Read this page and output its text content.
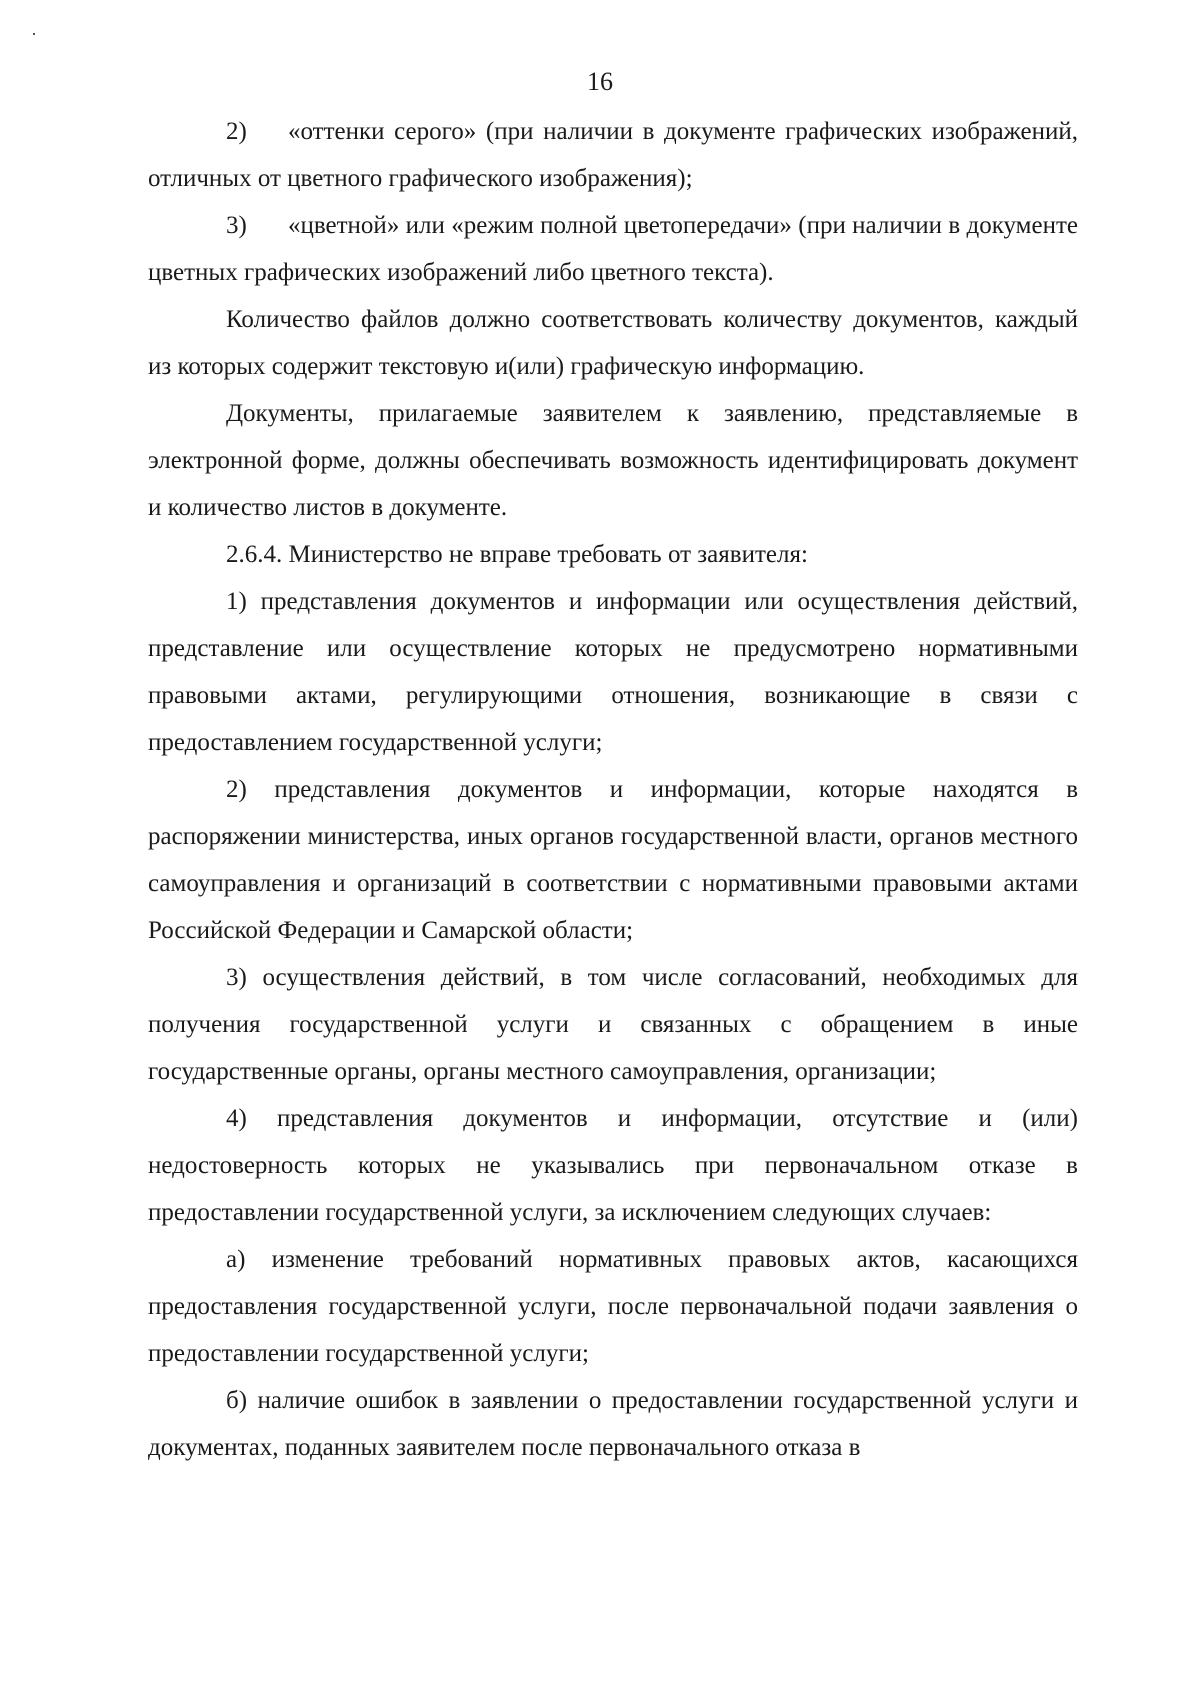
16

2) «оттенки серого» (при наличии в документе графических изображений, отличных от цветного графического изображения);

3) «цветной» или «режим полной цветопередачи» (при наличии в документе цветных графических изображений либо цветного текста).

Количество файлов должно соответствовать количеству документов, каждый из которых содержит текстовую и(или) графическую информацию.

Документы, прилагаемые заявителем к заявлению, представляемые в электронной форме, должны обеспечивать возможность идентифицировать документ и количество листов в документе.

2.6.4. Министерство не вправе требовать от заявителя:

1) представления документов и информации или осуществления действий, представление или осуществление которых не предусмотрено нормативными правовыми актами, регулирующими отношения, возникающие в связи с предоставлением государственной услуги;

2) представления документов и информации, которые находятся в распоряжении министерства, иных органов государственной власти, органов местного самоуправления и организаций в соответствии с нормативными правовыми актами Российской Федерации и Самарской области;

3) осуществления действий, в том числе согласований, необходимых для получения государственной услуги и связанных с обращением в иные государственные органы, органы местного самоуправления, организации;

4) представления документов и информации, отсутствие и (или) недостоверность которых не указывались при первоначальном отказе в предоставлении государственной услуги, за исключением следующих случаев:

а) изменение требований нормативных правовых актов, касающихся предоставления государственной услуги, после первоначальной подачи заявления о предоставлении государственной услуги;

б) наличие ошибок в заявлении о предоставлении государственной услуги и документах, поданных заявителем после первоначального отказа в
